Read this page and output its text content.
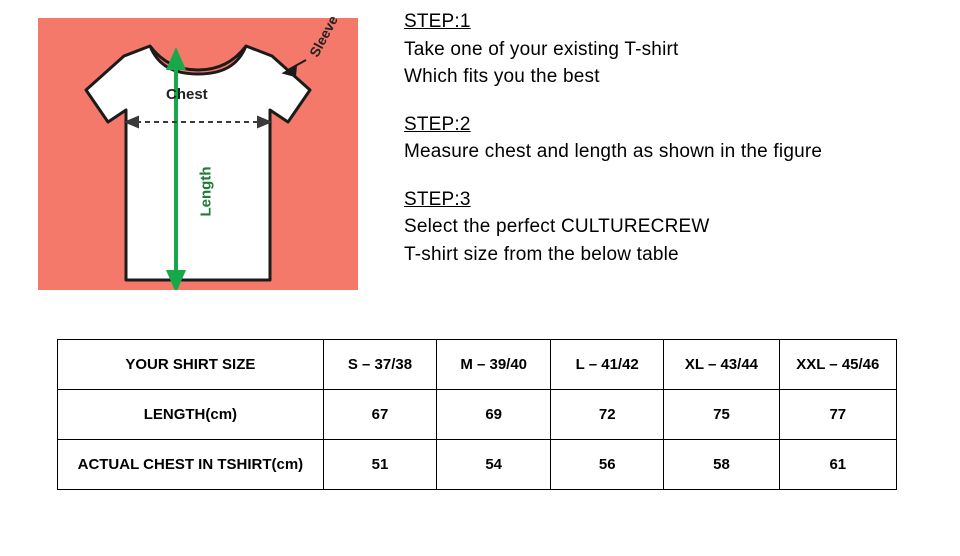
Chest
Length
Sleeve	STEP:1
Take one of your existing T-shirt
Which fits you the best
STEP:2
Measure chest and length as shown in the figure
STEP:3
Select the perfect CULTURECREW
T-shirt size from the below table
YOUR SHIRT SIZE	S – 37/38	M – 39/40	L – 41/42	XL – 43/44	XXL – 45/46
LENGTH(cm)	67	69	72	75	77
ACTUAL CHEST IN TSHIRT(cm)	51	54	56	58	61
